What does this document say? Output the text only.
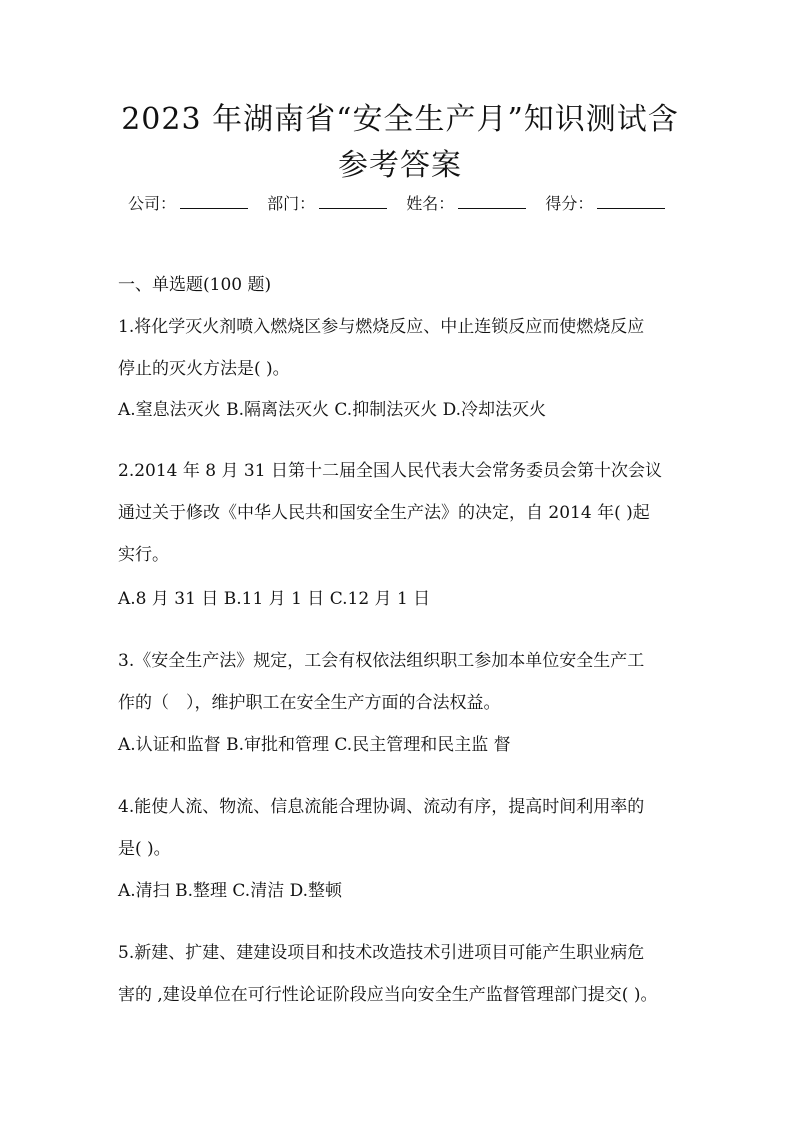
2023 年湖南省“安全生产月”知识测试含
参考答案
公司：	部门：	姓名：	得分：
一、单选题(100 题)
1.将化学灭火剂喷入燃烧区参与燃烧反应、中止连锁反应而使燃烧反应
停止的灭火方法是( )。
A.窒息法灭火 B.隔离法灭火 C.抑制法灭火 D.冷却法灭火
2.2014 年 8 月 31 日第十二届全国人民代表大会常务委员会第十次会议
通过关于修改《中华人民共和国安全生产法》的决定，自 2014 年( )起
实行。
A.8 月 31 日 B.11 月 1 日 C.12 月 1 日
3.《安全生产法》规定，工会有权依法组织职工参加本单位安全生产工
作的（　），维护职工在安全生产方面的合法权益。
A.认证和监督 B.审批和管理 C.民主管理和民主监 督
4.能使人流、物流、信息流能合理协调、流动有序，提高时间利用率的
是( )。
A.清扫 B.整理 C.清洁 D.整顿
5.新建、扩建、建建设项目和技术改造技术引进项目可能产生职业病危
害的 ,建设单位在可行性论证阶段应当向安全生产监督管理部门提交( )。
